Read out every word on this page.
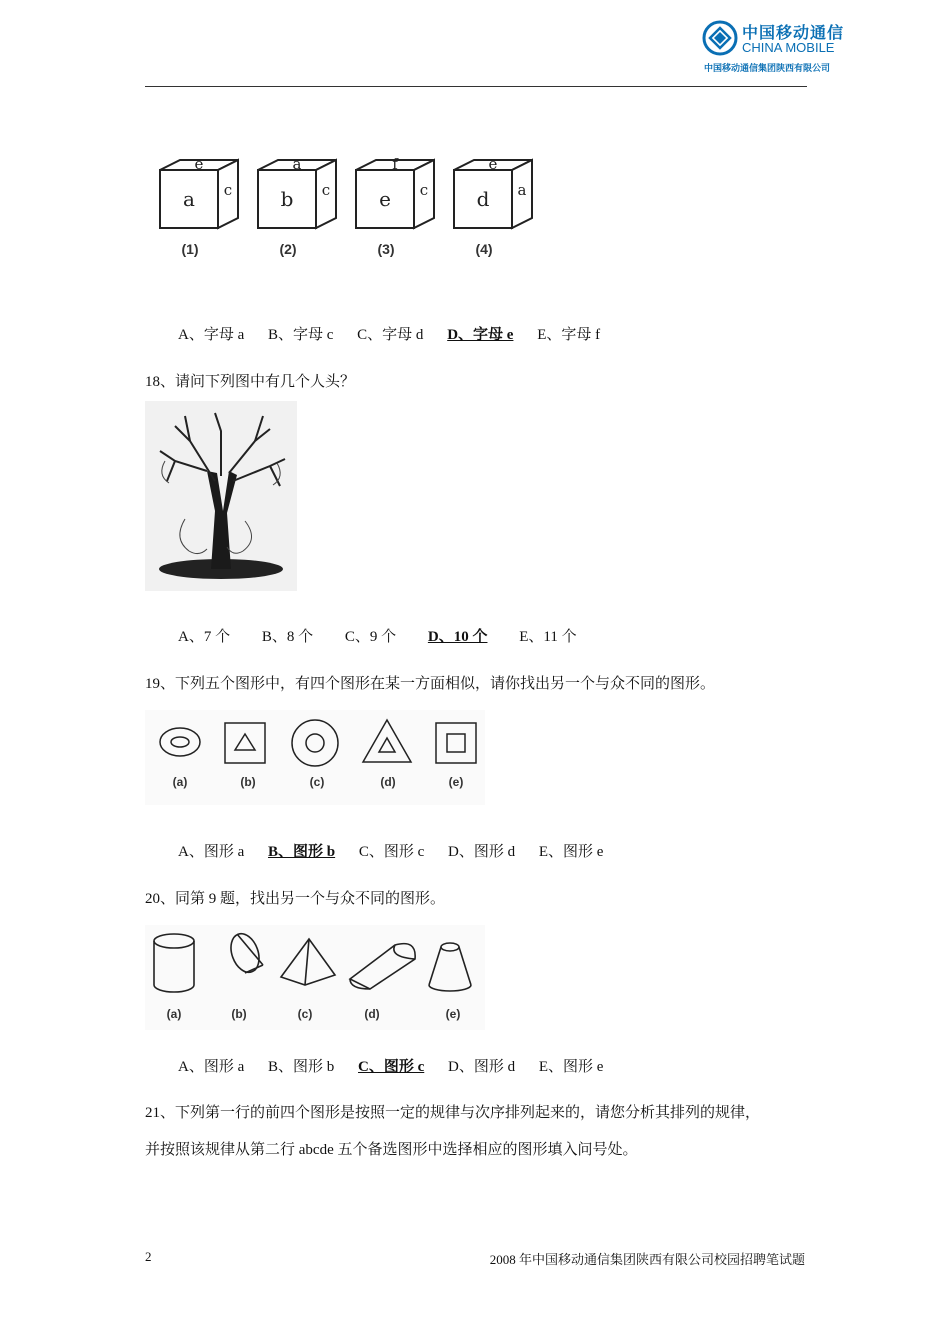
中国移动通信
CHINA MOBILE
中国移动通信集团陕西有限公司
a
e
c
(1)
b
a
c
(2)
e
f
c
(3)
d
e
a
(4)
A、字母 a B、字母 c C、字母 d D、字母 e E、字母 f
18、请问下列图中有几个人头？
A、7 个 B、8 个 C、9 个 D、10 个 E、11 个
19、下列五个图形中，有四个图形在某一方面相似，请你找出另一个与众不同的图形。
(a)	(b)	(c)	(d)	(e)
A、图形 a B、图形 b C、图形 c D、图形 d E、图形 e
20、同第 9 题，找出另一个与众不同的图形。
(a)	(b)	(c)	(d)	(e)
A、图形 a B、图形 b C、图形 c D、图形 d E、图形 e
21、下列第一行的前四个图形是按照一定的规律与次序排列起来的，请您分析其排列的规律，
并按照该规律从第二行 abcde 五个备选图形中选择相应的图形填入问号处。
2	2008 年中国移动通信集团陕西有限公司校园招聘笔试题
